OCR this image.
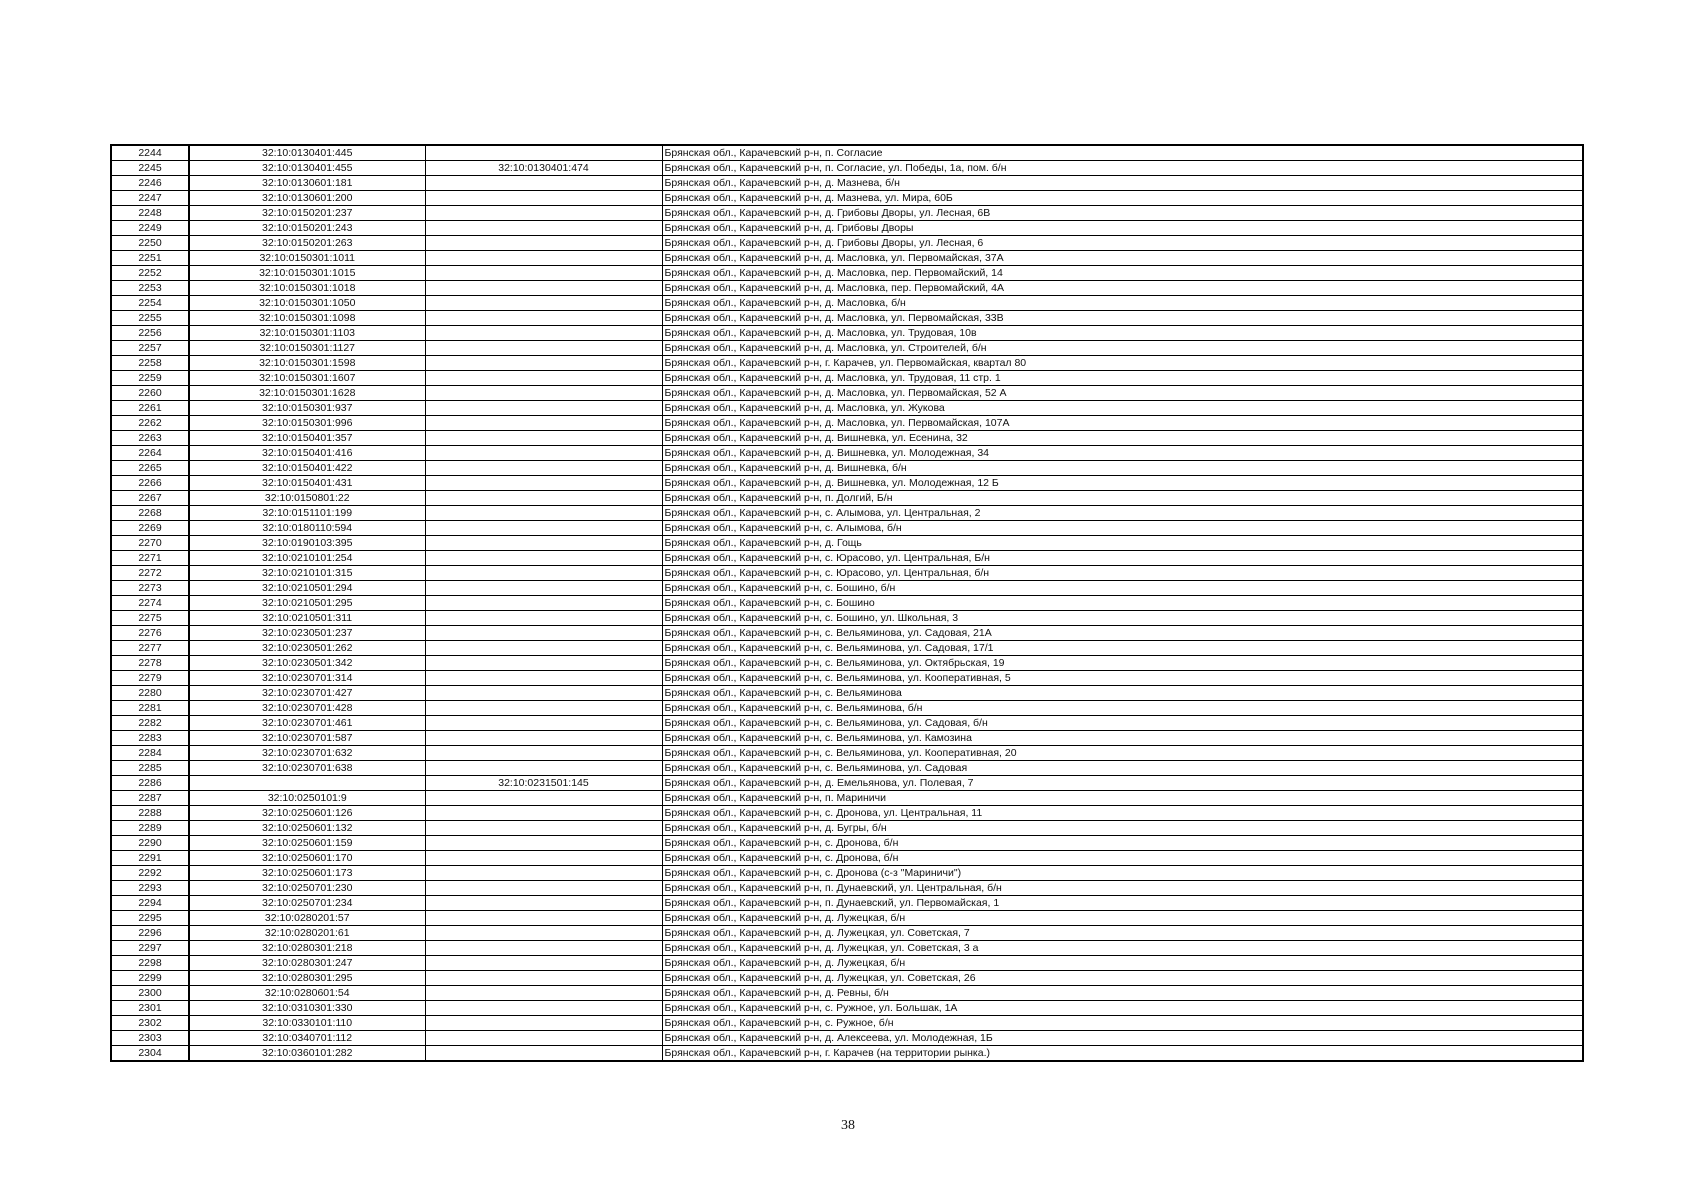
2244	32:10:0130401:445		Брянская обл., Карачевский р-н, п. Согласие
2245	32:10:0130401:455	32:10:0130401:474	Брянская обл., Карачевский р-н, п. Согласие, ул. Победы, 1а, пом. б/н
2246	32:10:0130601:181		Брянская обл., Карачевский р-н, д. Мазнева, б/н
2247	32:10:0130601:200		Брянская обл., Карачевский р-н, д. Мазнева, ул. Мира, 60Б
2248	32:10:0150201:237		Брянская обл., Карачевский р-н, д. Грибовы Дворы, ул. Лесная, 6В
2249	32:10:0150201:243		Брянская обл., Карачевский р-н, д. Грибовы Дворы
2250	32:10:0150201:263		Брянская обл., Карачевский р-н, д. Грибовы Дворы, ул. Лесная, 6
2251	32:10:0150301:1011		Брянская обл., Карачевский р-н, д. Масловка, ул. Первомайская, 37А
2252	32:10:0150301:1015		Брянская обл., Карачевский р-н, д. Масловка, пер. Первомайский, 14
2253	32:10:0150301:1018		Брянская обл., Карачевский р-н, д. Масловка, пер. Первомайский, 4А
2254	32:10:0150301:1050		Брянская обл., Карачевский р-н, д. Масловка, б/н
2255	32:10:0150301:1098		Брянская обл., Карачевский р-н, д. Масловка, ул. Первомайская, 33В
2256	32:10:0150301:1103		Брянская обл., Карачевский р-н, д. Масловка, ул. Трудовая, 10в
2257	32:10:0150301:1127		Брянская обл., Карачевский р-н, д. Масловка, ул. Строителей, б/н
2258	32:10:0150301:1598		Брянская обл., Карачевский р-н, г. Карачев, ул. Первомайская, квартал 80
2259	32:10:0150301:1607		Брянская обл., Карачевский р-н, д. Масловка, ул. Трудовая, 11 стр. 1
2260	32:10:0150301:1628		Брянская обл., Карачевский р-н, д. Масловка, ул. Первомайская, 52 А
2261	32:10:0150301:937		Брянская обл., Карачевский р-н, д. Масловка, ул. Жукова
2262	32:10:0150301:996		Брянская обл., Карачевский р-н, д. Масловка, ул. Первомайская, 107А
2263	32:10:0150401:357		Брянская обл., Карачевский р-н, д. Вишневка, ул. Есенина, 32
2264	32:10:0150401:416		Брянская обл., Карачевский р-н, д. Вишневка, ул. Молодежная, 34
2265	32:10:0150401:422		Брянская обл., Карачевский р-н, д. Вишневка, б/н
2266	32:10:0150401:431		Брянская обл., Карачевский р-н, д. Вишневка, ул. Молодежная, 12 Б
2267	32:10:0150801:22		Брянская обл., Карачевский р-н, п. Долгий, Б/н
2268	32:10:0151101:199		Брянская обл., Карачевский р-н, с. Алымова, ул. Центральная, 2
2269	32:10:0180110:594		Брянская обл., Карачевский р-н, с. Алымова, б/н
2270	32:10:0190103:395		Брянская обл., Карачевский р-н, д. Гощь
2271	32:10:0210101:254		Брянская обл., Карачевский р-н, с. Юрасово, ул. Центральная, Б/н
2272	32:10:0210101:315		Брянская обл., Карачевский р-н, с. Юрасово, ул. Центральная, б/н
2273	32:10:0210501:294		Брянская обл., Карачевский р-н, с. Бошино, б/н
2274	32:10:0210501:295		Брянская обл., Карачевский р-н, с. Бошино
2275	32:10:0210501:311		Брянская обл., Карачевский р-н, с. Бошино, ул. Школьная, 3
2276	32:10:0230501:237		Брянская обл., Карачевский р-н, с. Вельяминова, ул. Садовая, 21А
2277	32:10:0230501:262		Брянская обл., Карачевский р-н, с. Вельяминова, ул. Садовая, 17/1
2278	32:10:0230501:342		Брянская обл., Карачевский р-н, с. Вельяминова, ул. Октябрьская, 19
2279	32:10:0230701:314		Брянская обл., Карачевский р-н, с. Вельяминова, ул. Кооперативная, 5
2280	32:10:0230701:427		Брянская обл., Карачевский р-н, с. Вельяминова
2281	32:10:0230701:428		Брянская обл., Карачевский р-н, с. Вельяминова, б/н
2282	32:10:0230701:461		Брянская обл., Карачевский р-н, с. Вельяминова, ул. Садовая, б/н
2283	32:10:0230701:587		Брянская обл., Карачевский р-н, с. Вельяминова, ул. Камозина
2284	32:10:0230701:632		Брянская обл., Карачевский р-н, с. Вельяминова, ул. Кооперативная, 20
2285	32:10:0230701:638		Брянская обл., Карачевский р-н, с. Вельяминова, ул. Садовая
2286		32:10:0231501:145	Брянская обл., Карачевский р-н, д. Емельянова, ул. Полевая, 7
2287	32:10:0250101:9		Брянская обл., Карачевский р-н, п. Мариничи
2288	32:10:0250601:126		Брянская обл., Карачевский р-н, с. Дронова, ул. Центральная, 11
2289	32:10:0250601:132		Брянская обл., Карачевский р-н, д. Бугры, б/н
2290	32:10:0250601:159		Брянская обл., Карачевский р-н, с. Дронова, б/н
2291	32:10:0250601:170		Брянская обл., Карачевский р-н, с. Дронова, б/н
2292	32:10:0250601:173		Брянская обл., Карачевский р-н, с. Дронова (с-з "Мариничи")
2293	32:10:0250701:230		Брянская обл., Карачевский р-н, п. Дунаевский, ул. Центральная, б/н
2294	32:10:0250701:234		Брянская обл., Карачевский р-н, п. Дунаевский, ул. Первомайская, 1
2295	32:10:0280201:57		Брянская обл., Карачевский р-н, д. Лужецкая, б/н
2296	32:10:0280201:61		Брянская обл., Карачевский р-н, д. Лужецкая, ул. Советская, 7
2297	32:10:0280301:218		Брянская обл., Карачевский р-н, д. Лужецкая, ул. Советская, 3 а
2298	32:10:0280301:247		Брянская обл., Карачевский р-н, д. Лужецкая, б/н
2299	32:10:0280301:295		Брянская обл., Карачевский р-н, д. Лужецкая, ул. Советская, 26
2300	32:10:0280601:54		Брянская обл., Карачевский р-н, д. Ревны, б/н
2301	32:10:0310301:330		Брянская обл., Карачевский р-н, с. Ружное, ул. Большак, 1А
2302	32:10:0330101:110		Брянская обл., Карачевский р-н, с. Ружное, б/н
2303	32:10:0340701:112		Брянская обл., Карачевский р-н, д. Алексеева, ул. Молодежная, 1Б
2304	32:10:0360101:282		Брянская обл., Карачевский р-н, г. Карачев (на территории рынка.)
38
